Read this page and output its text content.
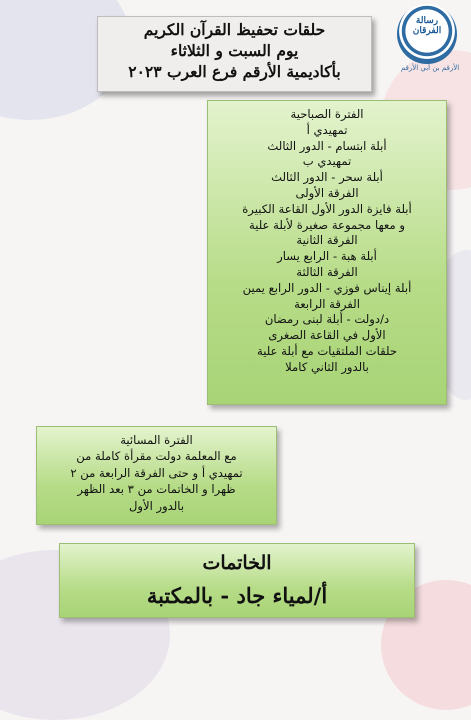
رسالة الفرقان
الأرقم بن أبي الأرقم
حلقات تحفيظ القرآن الكريم
يوم السبت و الثلاثاء
بأكاديمية الأرقم فرع العرب ٢٠٢٣
الفترة الصباحية
تمهيدي أ
أبلة ابتسام - الدور الثالث
تمهيدي ب
أبلة سحر - الدور الثالث
الفرقة الأولى
أبلة فايزة الدور الأول القاعة الكبيرة
و معها مجموعة صغيرة لأبلة علية
الفرقة الثانية
أبلة هبة - الرابع يسار
الفرقة الثالثة
أبلة إيناس فوزي - الدور الرابع يمين
الفرقة الرابعة
د/دولت - أبلة لبنى رمضان
الأول في القاعة الصغرى
حلقات الملتقيات مع أبلة علية
بالدور الثاني كاملا
الفترة المسائية
مع المعلمة دولت مقرأة كاملة من
تمهيدي أ و حتى الفرقة الرابعة من ٢
ظهرا و الخاتمات من ٣ بعد الظهر
بالدور الأول
الخاتمات
أ/لمياء جاد - بالمكتبة
